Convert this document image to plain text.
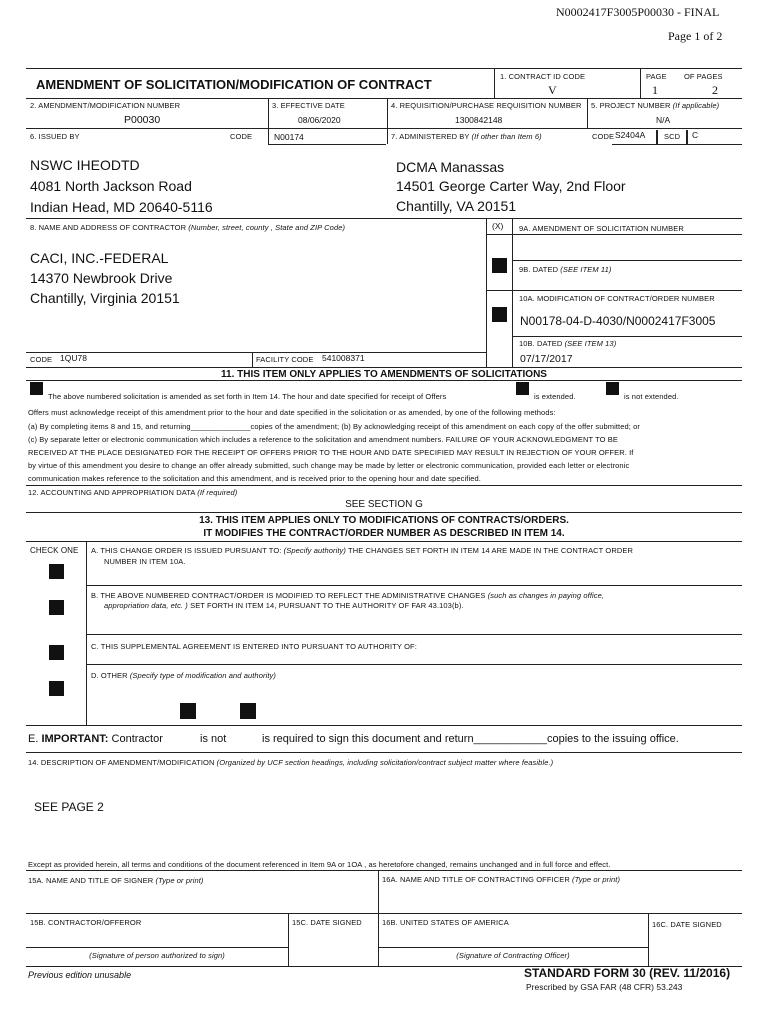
N0002417F3005P00030 - FINAL
Page 1 of 2
AMENDMENT OF SOLICITATION/MODIFICATION OF CONTRACT
1. CONTRACT ID CODE
V
PAGE
1
OF PAGES
2
2. AMENDMENT/MODIFICATION NUMBER
P00030
3. EFFECTIVE DATE
08/06/2020
4. REQUISITION/PURCHASE REQUISITION NUMBER
1300842148
5. PROJECT NUMBER (If applicable)
N/A
6. ISSUED BY	CODE	N00174	7. ADMINISTERED BY (If other than Item 6)	CODE S2404A	SCD C
NSWC IHEODTD
4081 North Jackson Road
Indian Head, MD 20640-5116
DCMA Manassas
14501 George Carter Way, 2nd Floor
Chantilly, VA 20151
8. NAME AND ADDRESS OF CONTRACTOR (Number, street, county , State and ZIP Code)	(X) 9A. AMENDMENT OF SOLICITATION NUMBER
CACI, INC.-FEDERAL
14370 Newbrook Drive
Chantilly, Virginia 20151
9B. DATED (SEE ITEM 11)
10A. MODIFICATION OF CONTRACT/ORDER NUMBER
N00178-04-D-4030/N0002417F3005
10B. DATED (SEE ITEM 13)
07/17/2017
CODE 1QU78	FACILITY CODE 541008371
11. THIS ITEM ONLY APPLIES TO AMENDMENTS OF SOLICITATIONS
The above numbered solicitation is amended as set forth in Item 14. The hour and date specified for receipt of Offers	is extended.	is not extended.
Offers must acknowledge receipt of this amendment prior to the hour and date specified in the solicitation or as amended, by one of the following methods:
(a) By completing items 8 and 15, and returning______________copies of the amendment; (b) By acknowledging receipt of this amendment on each copy of the offer submitted; or
(c) By separate letter or electronic communication which includes a reference to the solicitation and amendment numbers. FAILURE OF YOUR ACKNOWLEDGMENT TO BE
RECEIVED AT THE PLACE DESIGNATED FOR THE RECEIPT OF OFFERS PRIOR TO THE HOUR AND DATE SPECIFIED MAY RESULT IN REJECTION OF YOUR OFFER. If
by virtue of this amendment you desire to change an offer already submitted, such change may be made by letter or electronic communication, provided each letter or electronic
communication makes reference to the solicitation and this amendment, and is received prior to the opening hour and date specified.
12. ACCOUNTING AND APPROPRIATION DATA (If required)
SEE SECTION G
13. THIS ITEM APPLIES ONLY TO MODIFICATIONS OF CONTRACTS/ORDERS.
IT MODIFIES THE CONTRACT/ORDER NUMBER AS DESCRIBED IN ITEM 14.
CHECK ONE A. THIS CHANGE ORDER IS ISSUED PURSUANT TO: (Specify authority) THE CHANGES SET FORTH IN ITEM 14 ARE MADE IN THE CONTRACT ORDER
NUMBER IN ITEM 10A.
B. THE ABOVE NUMBERED CONTRACT/ORDER IS MODIFIED TO REFLECT THE ADMINISTRATIVE CHANGES (such as changes in paying office,
appropriation data, etc. ) SET FORTH IN ITEM 14, PURSUANT TO THE AUTHORITY OF FAR 43.103(b).
C. THIS SUPPLEMENTAL AGREEMENT IS ENTERED INTO PURSUANT TO AUTHORITY OF:
D. OTHER (Specify type of modification and authority)
E. IMPORTANT: Contractor	is not	is required to sign this document and return____________copies to the issuing office.
14. DESCRIPTION OF AMENDMENT/MODIFICATION (Organized by UCF section headings, including solicitation/contract subject matter where feasible.)
SEE PAGE 2
Except as provided herein, all terms and conditions of the document referenced in Item 9A or 1OA , as heretofore changed, remains unchanged and in full force and effect.
15A. NAME AND TITLE OF SIGNER (Type or print)	16A. NAME AND TITLE OF CONTRACTING OFFICER (Type or print)
15B. CONTRACTOR/OFFEROR	15C. DATE SIGNED	16B. UNITED STATES OF AMERICA	16C. DATE SIGNED
(Signature of person authorized to sign)	(Signature of Contracting Officer)
Previous edition unusable	STANDARD FORM 30 (REV. 11/2016)
Prescribed by GSA FAR (48 CFR) 53.243
